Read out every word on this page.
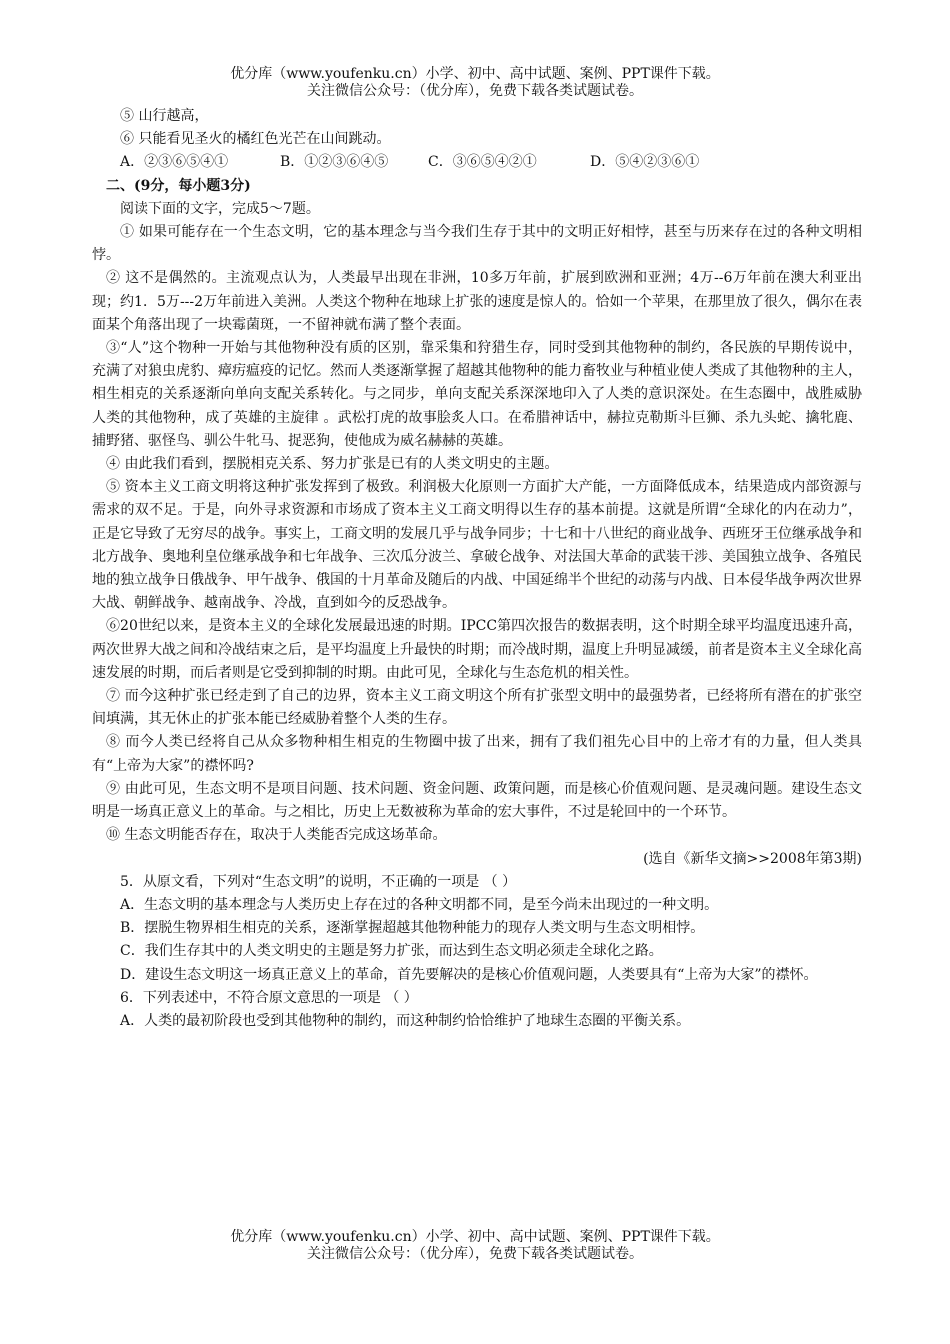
优分库（www.youfenku.cn）小学、初中、高中试题、案例、PPT课件下载。
关注微信公众号：（优分库），免费下载各类试题试卷。

⑤ 山行越高，

⑥ 只能看见圣火的橘红色光芒在山间跳动。

A．②③⑥⑤④①	B．①②③⑥④⑤	C．③⑥⑤④②①	D．⑤④②③⑥①

二、(9分，每小题3分)

阅读下面的文字，完成5～7题。

① 如果可能存在一个生态文明，它的基本理念与当今我们生存于其中的文明正好相悖，甚至与历来存在过的各种文明相悖。

② 这不是偶然的。主流观点认为，人类最早出现在非洲，10多万年前，扩展到欧洲和亚洲；4万--6万年前在澳大利亚出现；约1．5万---2万年前进入美洲。人类这个物种在地球上扩张的速度是惊人的。恰如一个苹果，在那里放了很久，偶尔在表面某个角落出现了一块霉菌斑，一不留神就布满了整个表面。

③“人”这个物种一开始与其他物种没有质的区别，靠采集和狩猎生存，同时受到其他物种的制约，各民族的早期传说中，充满了对狼虫虎豹、瘴疠瘟疫的记忆。然而人类逐渐掌握了超越其他物种的能力畜牧业与种植业使人类成了其他物种的主人，相生相克的关系逐渐向单向支配关系转化。与之同步，单向支配关系深深地印入了人类的意识深处。在生态圈中，战胜威胁 人类的其他物种，成了英雄的主旋律 。武松打虎的故事脍炙人口。在希腊神话中，赫拉克勒斯斗巨狮、杀九头蛇、擒牝鹿、捕野猪、驱怪鸟、驯公牛牝马、捉恶狗，使他成为威名赫赫的英雄。

④ 由此我们看到，摆脱相克关系、努力扩张是已有的人类文明史的主题。

⑤ 资本主义工商文明将这种扩张发挥到了极致。利润极大化原则一方面扩大产能，一方面降低成本，结果造成内部资源与需求的双不足。于是，向外寻求资源和市场成了资本主义工商文明得以生存的基本前提。这就是所谓“全球化的内在动力”，正是它导致了无穷尽的战争。事实上，工商文明的发展几乎与战争同步；十七和十八世纪的商业战争、西班牙王位继承战争和北方战争、奥地利皇位继承战争和七年战争、三次瓜分波兰、拿破仑战争、对法国大革命的武装干涉、美国独立战争、各殖民地的独立战争日俄战争、甲午战争、俄国的十月革命及随后的内战、中国延绵半个世纪的动荡与内战、日本侵华战争两次世界大战、朝鲜战争、越南战争、冷战，直到如今的反恐战争。

⑥20世纪以来，是资本主义的全球化发展最迅速的时期。IPCC第四次报告的数据表明，这个时期全球平均温度迅速升高，两次世界大战之间和冷战结束之后，是平均温度上升最快的时期；而冷战时期，温度上升明显减缓，前者是资本主义全球化高速发展的时期，而后者则是它受到抑制的时期。由此可见，全球化与生态危机的相关性。

⑦ 而今这种扩张已经走到了自己的边界，资本主义工商文明这个所有扩张型文明中的最强势者，已经将所有潜在的扩张空间填满，其无休止的扩张本能已经威胁着整个人类的生存。

⑧ 而今人类已经将自己从众多物种相生相克的生物圈中拔了出来，拥有了我们祖先心目中的上帝才有的力量，但人类具有“上帝为大家”的襟怀吗?

⑨ 由此可见，生态文明不是项目问题、技术问题、资金问题、政策问题，而是核心价值观问题、是灵魂问题。建设生态文明是一场真正意义上的革命。与之相比，历史上无数被称为革命的宏大事件，不过是轮回中的一个环节。

⑩ 生态文明能否存在，取决于人类能否完成这场革命。

(选自《新华文摘>>2008年第3期)

5．从原文看，下列对“生态文明”的说明，不正确的一项是 （ ）

A．生态文明的基本理念与人类历史上存在过的各种文明都不同，是至今尚未出现过的一种文明。

B．摆脱生物界相生相克的关系，逐渐掌握超越其他物种能力的现存人类文明与生态文明相悖。

C．我们生存其中的人类文明史的主题是努力扩张，而达到生态文明必须走全球化之路。

D．建设生态文明这一场真正意义上的革命，首先要解决的是核心价值观问题，人类要具有“上帝为大家”的襟怀。

6．下列表述中，不符合原文意思的一项是 （ ）

A．人类的最初阶段也受到其他物种的制约，而这种制约恰恰维护了地球生态圈的平衡关系。

优分库（www.youfenku.cn）小学、初中、高中试题、案例、PPT课件下载。
关注微信公众号：（优分库），免费下载各类试题试卷。
